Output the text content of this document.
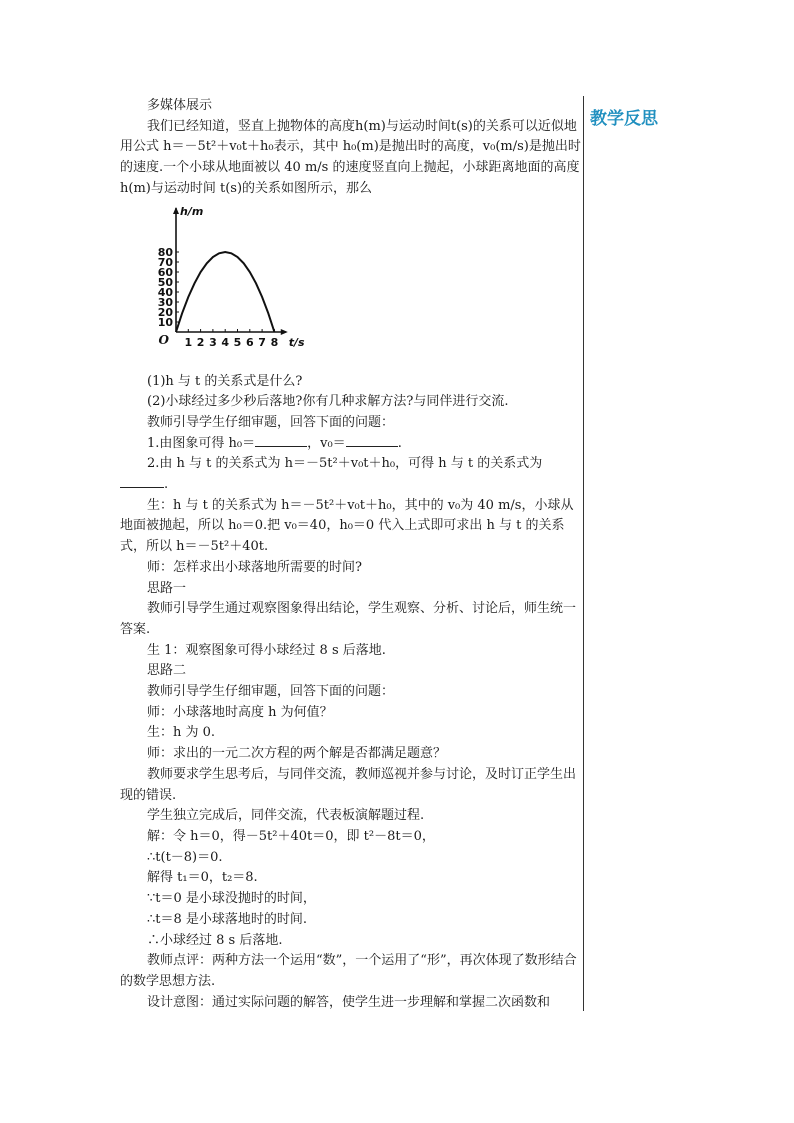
教学反思

多媒体展示

我们已经知道，竖直上抛物体的高度h(m)与运动时间t(s)的关系可以近似地用公式 h＝－5t²＋v₀t＋h₀表示，其中 h₀(m)是抛出时的高度，v₀(m/s)是抛出时的速度.一个小球从地面被以 40 m/s 的速度竖直向上抛起，小球距离地面的高度 h(m)与运动时间 t(s)的关系如图所示，那么

1 2 3 4 5 6 7 8
10
20
30
40
50
60
70
80
O
h/m
t/s

(1)h 与 t 的关系式是什么?

(2)小球经过多少秒后落地?你有几种求解方法?与同伴进行交流.

教师引导学生仔细审题，回答下面的问题：

1.由图象可得 h₀＝	，v₀＝	.

2.由 h 与 t 的关系式为 h＝－5t²＋v₀t＋h₀，可得 h 与 t 的关系式为.

生：h 与 t 的关系式为 h＝－5t²＋v₀t＋h₀，其中的 v₀为 40 m/s，小球从地面被抛起，所以 h₀＝0.把 v₀＝40，h₀＝0 代入上式即可求出 h 与 t 的关系式，所以 h＝－5t²＋40t.

师：怎样求出小球落地所需要的时间?

思路一

教师引导学生通过观察图象得出结论，学生观察、分析、讨论后，师生统一答案.

生 1：观察图象可得小球经过 8 s 后落地.

思路二

教师引导学生仔细审题，回答下面的问题：

师：小球落地时高度 h 为何值？

生：h 为 0.

师：求出的一元二次方程的两个解是否都满足题意？

教师要求学生思考后，与同伴交流，教师巡视并参与讨论，及时订正学生出现的错误.

学生独立完成后，同伴交流，代表板演解题过程.

解：令 h＝0，得－5t²＋40t＝0，即 t²－8t＝0，

∴t(t－8)＝0.

解得 t₁＝0，t₂＝8.

∵t＝0 是小球没抛时的时间，

∴t＝8 是小球落地时的时间.

∴小球经过 8 s 后落地.

教师点评：两种方法一个运用“数”，一个运用了“形”，再次体现了数形结合的数学思想方法.

设计意图：通过实际问题的解答，使学生进一步理解和掌握二次函数和
